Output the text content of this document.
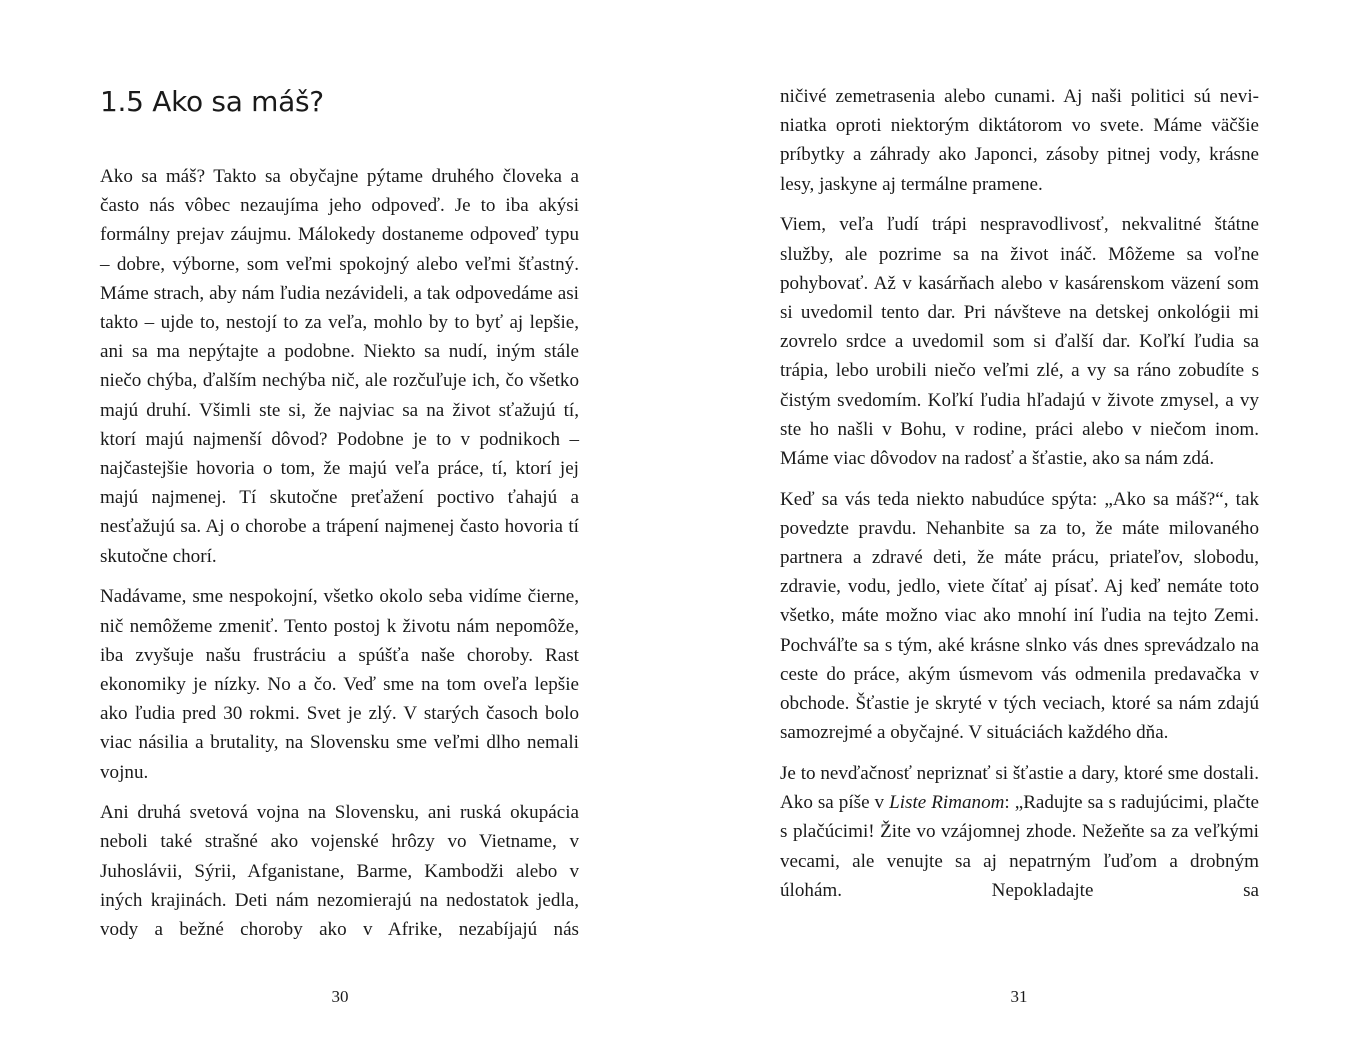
1.5 Ako sa máš?

Ako sa máš? Takto sa obyčajne pýtame druhého človeka a často nás vôbec nezaujíma jeho odpoveď. Je to iba akýsi formálny prejav záujmu. Málokedy dostaneme odpoveď typu – dobre, výborne, som veľmi spokojný alebo veľmi šťastný. Máme strach, aby nám ľudia nezávideli, a tak odpovedáme asi takto – ujde to, nestojí to za veľa, mohlo by to byť aj lepšie, ani sa ma nepýtajte a podobne. Niekto sa nudí, iným stále niečo chýba, ďalším nechýba nič, ale rozčuľuje ich, čo všetko majú druhí. Všimli ste si, že najviac sa na život sťažujú tí, ktorí majú najmenší dôvod? Podobne je to v podnikoch – najčastejšie hovoria o tom, že majú veľa práce, tí, ktorí jej majú najmenej. Tí skutočne preťažení poctivo ťahajú a nesťažujú sa. Aj o chorobe a trápení najmenej často hovoria tí skutočne chorí.

Nadávame, sme nespokojní, všetko okolo seba vidíme čierne, nič nemôžeme zmeniť. Tento postoj k životu nám nepomôže, iba zvyšuje našu frustráciu a spúšťa naše choroby. Rast ekonomiky je nízky. No a čo. Veď sme na tom oveľa lepšie ako ľudia pred 30 rokmi. Svet je zlý. V starých časoch bolo viac násilia a brutality, na Slovensku sme veľmi dlho nemali vojnu.

Ani druhá svetová vojna na Slovensku, ani ruská okupácia neboli také strašné ako vojenské hrôzy vo Vietname, v Juhoslávii, Sýrii, Afganistane, Barme, Kambodži alebo v iných krajinách. Deti nám nezomierajú na nedostatok jedla, vody a bežné choroby ako v Afrike, nezabíjajú nás

30

ničivé zemetrasenia alebo cunami. Aj naši politici sú neviniatka oproti niektorým diktátorom vo svete. Máme väčšie príbytky a záhrady ako Japonci, zásoby pitnej vody, krásne lesy, jaskyne aj termálne pramene.

Viem, veľa ľudí trápi nespravodlivosť, nekvalitné štátne služby, ale pozrime sa na život ináč. Môžeme sa voľne pohybovať. Až v kasárňach alebo v kasárenskom väzení som si uvedomil tento dar. Pri návšteve na detskej onkológii mi zovrelo srdce a uvedomil som si ďalší dar. Koľkí ľudia sa trápia, lebo urobili niečo veľmi zlé, a vy sa ráno zobudíte s čistým svedomím. Koľkí ľudia hľadajú v živote zmysel, a vy ste ho našli v Bohu, v rodine, práci alebo v niečom inom. Máme viac dôvodov na radosť a šťastie, ako sa nám zdá.

Keď sa vás teda niekto nabudúce spýta: „Ako sa máš?“, tak povedzte pravdu. Nehanbite sa za to, že máte milovaného partnera a zdravé deti, že máte prácu, priateľov, slobodu, zdravie, vodu, jedlo, viete čítať aj písať. Aj keď nemáte toto všetko, máte možno viac ako mnohí iní ľudia na tejto Zemi. Pochváľte sa s tým, aké krásne slnko vás dnes sprevádzalo na ceste do práce, akým úsmevom vás odmenila predavačka v obchode. Šťastie je skryté v tých veciach, ktoré sa nám zdajú samozrejmé a obyčajné. V situáciách každého dňa.

Je to nevďačnosť nepriznať si šťastie a dary, ktoré sme dostali. Ako sa píše v Liste Rimanom: „Radujte sa s radujúcimi, plačte s plačúcimi! Žite vo vzájomnej zhode. Nežeňte sa za veľkými vecami, ale venujte sa aj nepatrným ľuďom a drobným úlohám. Nepokladajte sa

31
